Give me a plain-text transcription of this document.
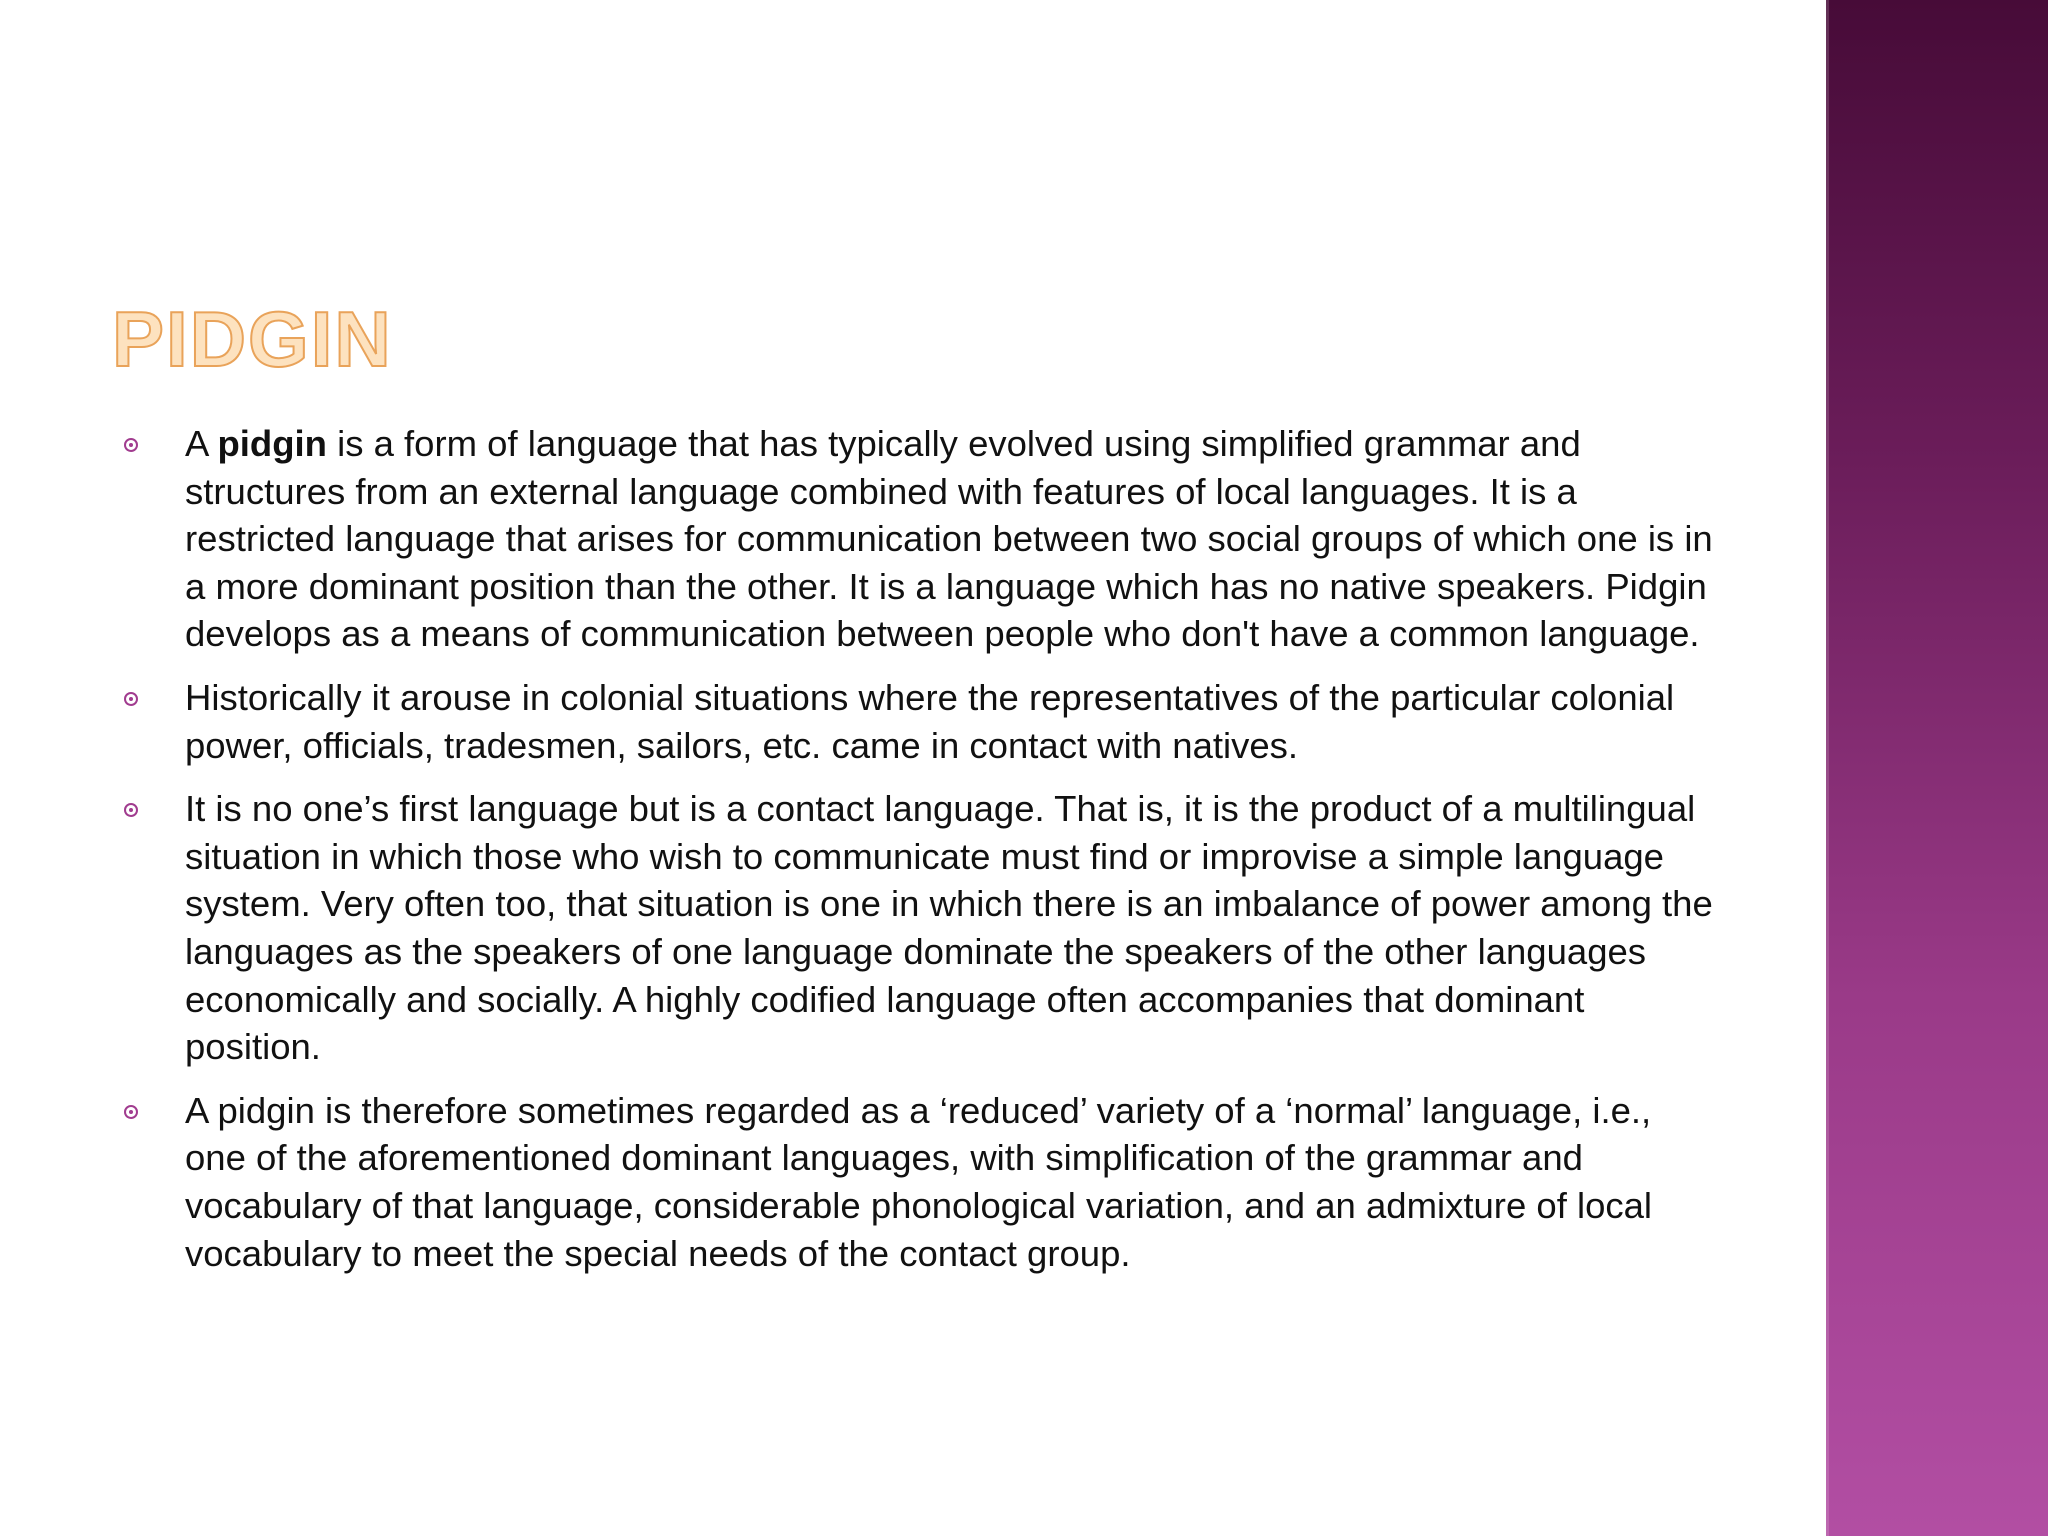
PIDGIN
A pidgin is a form of language that has typically evolved using simplified grammar and structures from an external language combined with features of local languages. It is a restricted language that arises for communication between two social groups of which one is in a more dominant position than the other. It is a language which has no native speakers. Pidgin develops as a means of communication between people who don't have a common language.
Historically it arouse in colonial situations where the representatives of the particular colonial power, officials, tradesmen, sailors, etc. came in contact with natives.
It is no one’s first language but is a contact language. That is, it is the product of a multilingual situation in which those who wish to communicate must find or improvise a simple language system. Very often too, that situation is one in which there is an imbalance of power among the languages as the speakers of one language dominate the speakers of the other languages economically and socially. A highly codified language often accompanies that dominant position.
A pidgin is therefore sometimes regarded as a ‘reduced’ variety of a ‘normal’ language, i.e., one of the aforementioned dominant languages, with simplification of the grammar and vocabulary of that language, considerable phonological variation, and an admixture of local vocabulary to meet the special needs of the contact group.
